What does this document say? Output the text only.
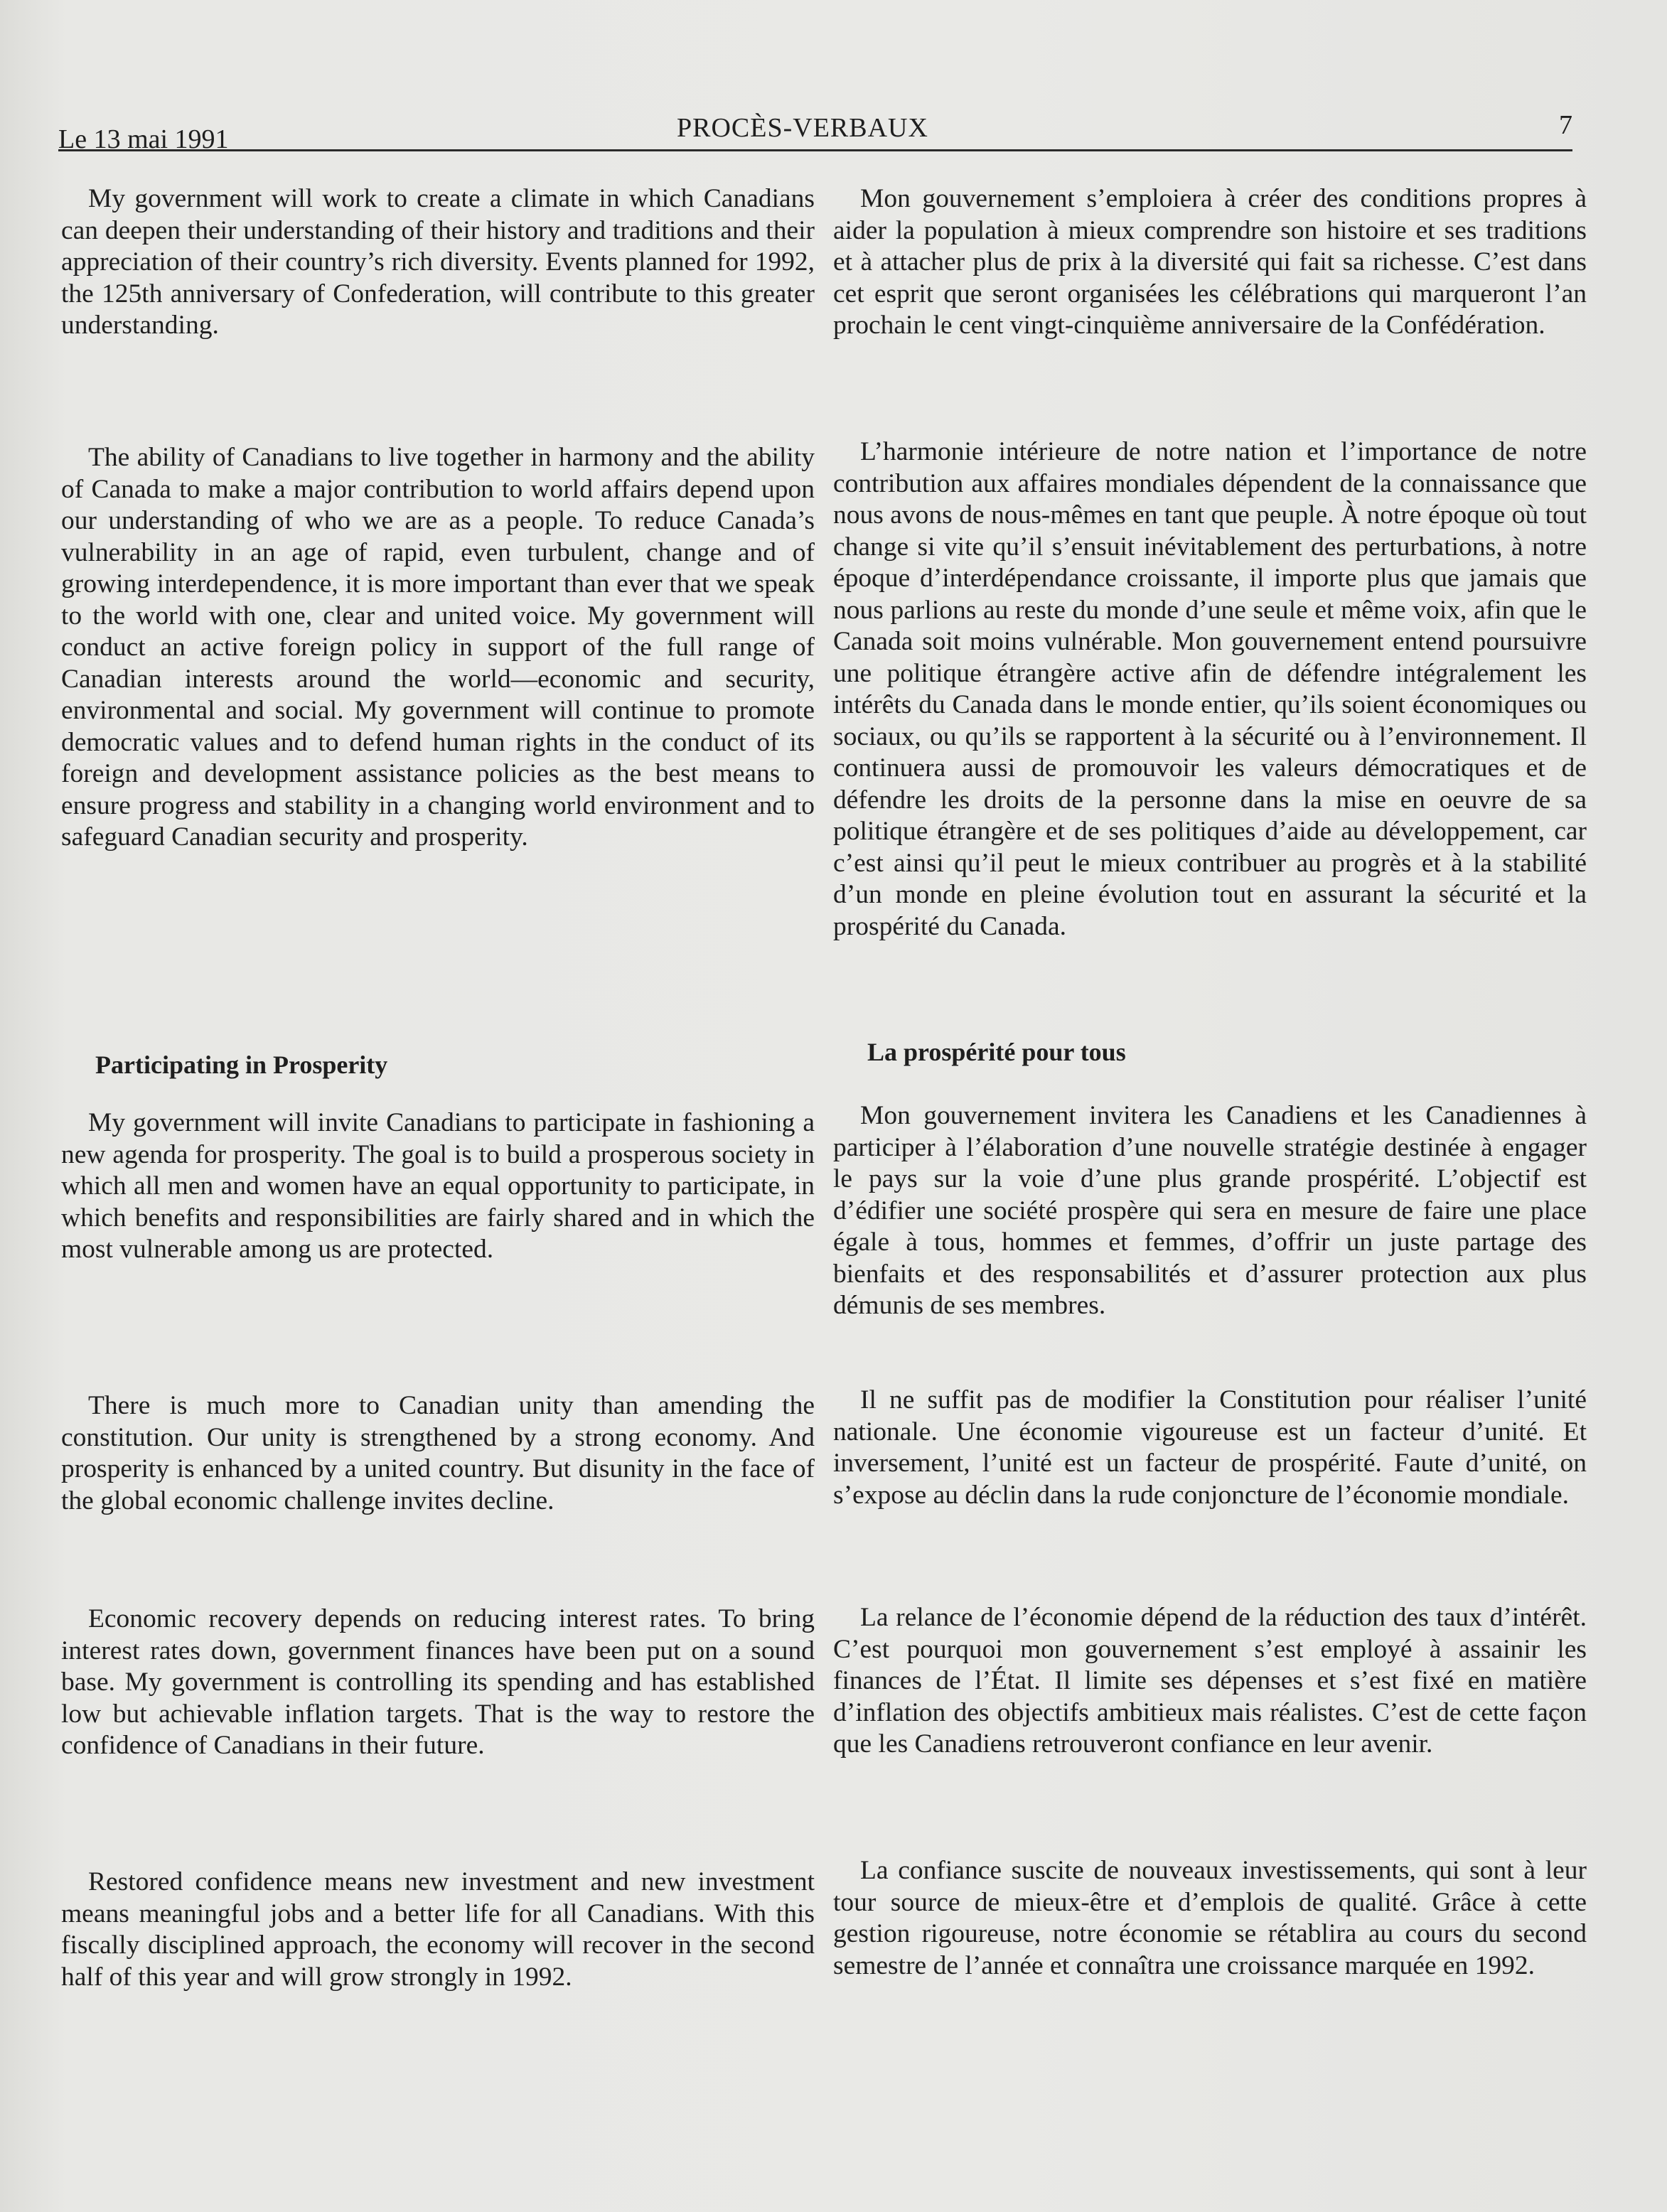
Le 13 mai 1991	PROCÈS-VERBAUX	7

My government will work to create a climate in which Canadians can deepen their understanding of their history and traditions and their appreciation of their country’s rich diversity. Events planned for 1992, the 125th anniversary of Confederation, will contribute to this greater understanding.

The ability of Canadians to live together in harmony and the ability of Canada to make a major contribution to world affairs depend upon our understanding of who we are as a people. To reduce Canada’s vulnerability in an age of rapid, even turbulent, change and of growing interdependence, it is more important than ever that we speak to the world with one, clear and united voice. My government will conduct an active foreign policy in support of the full range of Canadian interests around the world—economic and security, environmental and social. My government will continue to promote democratic values and to defend human rights in the conduct of its foreign and development assistance policies as the best means to ensure progress and stability in a changing world environment and to safeguard Canadian security and prosperity.

Participating in Prosperity

My government will invite Canadians to participate in fashioning a new agenda for prosperity. The goal is to build a prosperous society in which all men and women have an equal opportunity to participate, in which benefits and responsibilities are fairly shared and in which the most vulnerable among us are protected.

There is much more to Canadian unity than amending the constitution. Our unity is strengthened by a strong economy. And prosperity is enhanced by a united country. But disunity in the face of the global economic challenge invites decline.

Economic recovery depends on reducing interest rates. To bring interest rates down, government finances have been put on a sound base. My government is controlling its spending and has established low but achievable inflation targets. That is the way to restore the confidence of Canadians in their future.

Restored confidence means new investment and new investment means meaningful jobs and a better life for all Canadians. With this fiscally disciplined approach, the economy will recover in the second half of this year and will grow strongly in 1992.

Mon gouvernement s’emploiera à créer des conditions propres à aider la population à mieux comprendre son histoire et ses traditions et à attacher plus de prix à la diversité qui fait sa richesse. C’est dans cet esprit que seront organisées les célébrations qui marqueront l’an prochain le cent vingt-cinquième anniversaire de la Confédération.

L’harmonie intérieure de notre nation et l’importance de notre contribution aux affaires mondiales dépendent de la connaissance que nous avons de nous-mêmes en tant que peuple. À notre époque où tout change si vite qu’il s’ensuit inévitablement des perturbations, à notre époque d’interdépendance croissante, il importe plus que jamais que nous parlions au reste du monde d’une seule et même voix, afin que le Canada soit moins vulnérable. Mon gouvernement entend poursuivre une politique étrangère active afin de défendre intégralement les intérêts du Canada dans le monde entier, qu’ils soient économiques ou sociaux, ou qu’ils se rapportent à la sécurité ou à l’environnement. Il continuera aussi de promouvoir les valeurs démocratiques et de défendre les droits de la personne dans la mise en oeuvre de sa politique étrangère et de ses politiques d’aide au développement, car c’est ainsi qu’il peut le mieux contribuer au progrès et à la stabilité d’un monde en pleine évolution tout en assurant la sécurité et la prospérité du Canada.

La prospérité pour tous

Mon gouvernement invitera les Canadiens et les Canadiennes à participer à l’élaboration d’une nouvelle stratégie destinée à engager le pays sur la voie d’une plus grande prospérité. L’objectif est d’édifier une société prospère qui sera en mesure de faire une place égale à tous, hommes et femmes, d’offrir un juste partage des bienfaits et des responsabilités et d’assurer protection aux plus démunis de ses membres.

Il ne suffit pas de modifier la Constitution pour réaliser l’unité nationale. Une économie vigoureuse est un facteur d’unité. Et inversement, l’unité est un facteur de prospérité. Faute d’unité, on s’expose au déclin dans la rude conjoncture de l’économie mondiale.

La relance de l’économie dépend de la réduction des taux d’intérêt. C’est pourquoi mon gouvernement s’est employé à assainir les finances de l’État. Il limite ses dépenses et s’est fixé en matière d’inflation des objectifs ambitieux mais réalistes. C’est de cette façon que les Canadiens retrouveront confiance en leur avenir.

La confiance suscite de nouveaux investissements, qui sont à leur tour source de mieux-être et d’emplois de qualité. Grâce à cette gestion rigoureuse, notre économie se rétablira au cours du second semestre de l’année et connaîtra une croissance marquée en 1992.
